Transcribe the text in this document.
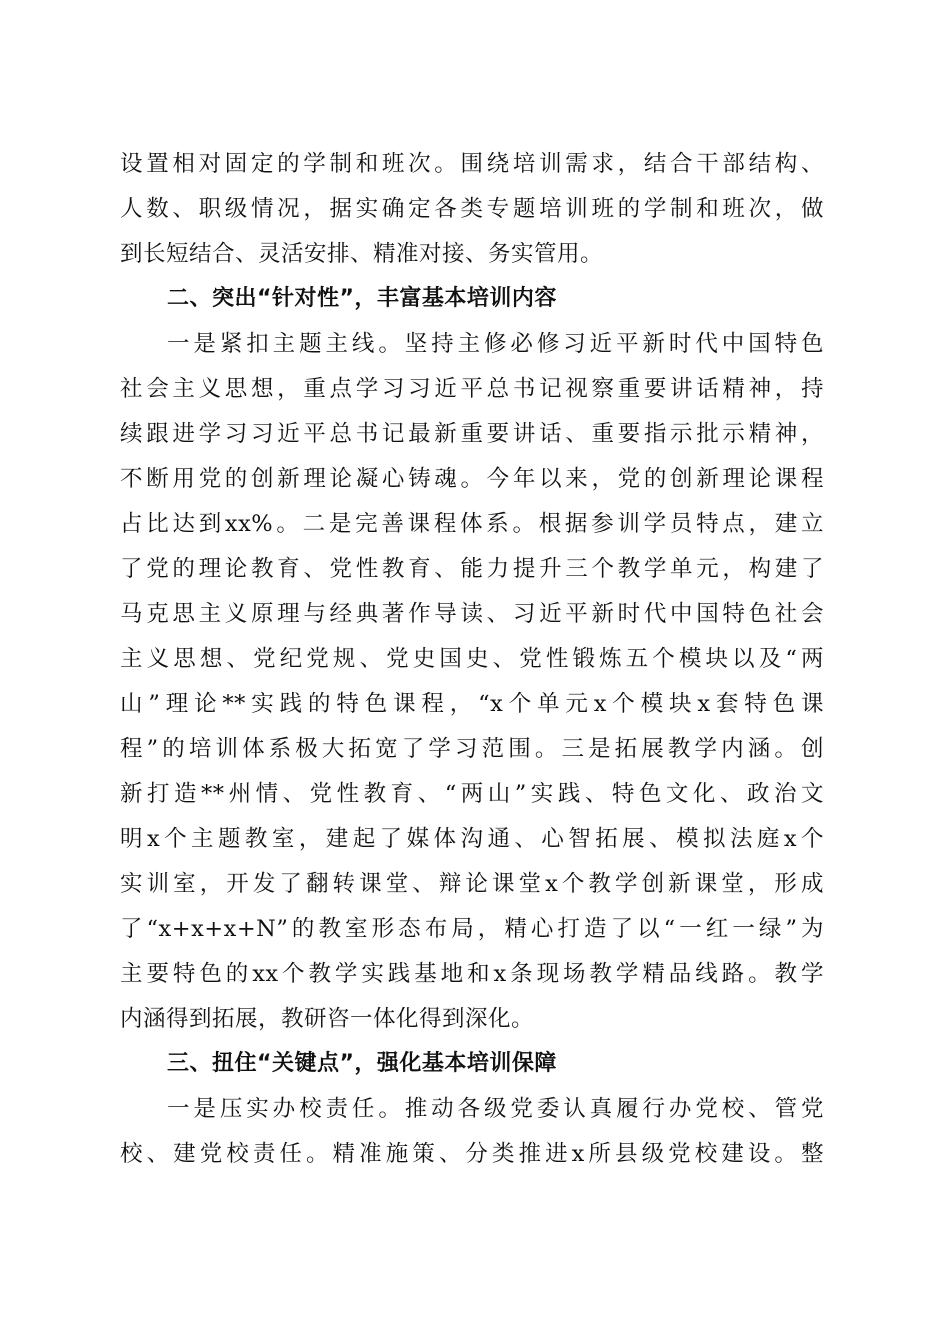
设置相对固定的学制和班次。围绕培训需求，结合干部结构、
人数、职级情况，据实确定各类专题培训班的学制和班次，做
到长短结合、灵活安排、精准对接、务实管用。
二、突出“针对性”，丰富基本培训内容
一是紧扣主题主线。坚持主修必修习近平新时代中国特色
社会主义思想，重点学习习近平总书记视察重要讲话精神，持
续跟进学习习近平总书记最新重要讲话、重要指示批示精神，
不断用党的创新理论凝心铸魂。今年以来，党的创新理论课程
占比达到xx%。二是完善课程体系。根据参训学员特点，建立
了党的理论教育、党性教育、能力提升三个教学单元，构建了
马克思主义原理与经典著作导读、习近平新时代中国特色社会
主义思想、党纪党规、党史国史、党性锻炼五个模块以及“两
山”理论**实践的特色课程，“x个单元x个模块x套特色课
程”的培训体系极大拓宽了学习范围。三是拓展教学内涵。创
新打造**州情、党性教育、“两山”实践、特色文化、政治文
明x个主题教室，建起了媒体沟通、心智拓展、模拟法庭x个
实训室，开发了翻转课堂、辩论课堂x个教学创新课堂，形成
了“x+x+x+N”的教室形态布局，精心打造了以“一红一绿”为
主要特色的xx个教学实践基地和x条现场教学精品线路。教学
内涵得到拓展，教研咨一体化得到深化。
三、扭住“关键点”，强化基本培训保障
一是压实办校责任。推动各级党委认真履行办党校、管党
校、建党校责任。精准施策、分类推进x所县级党校建设。整
